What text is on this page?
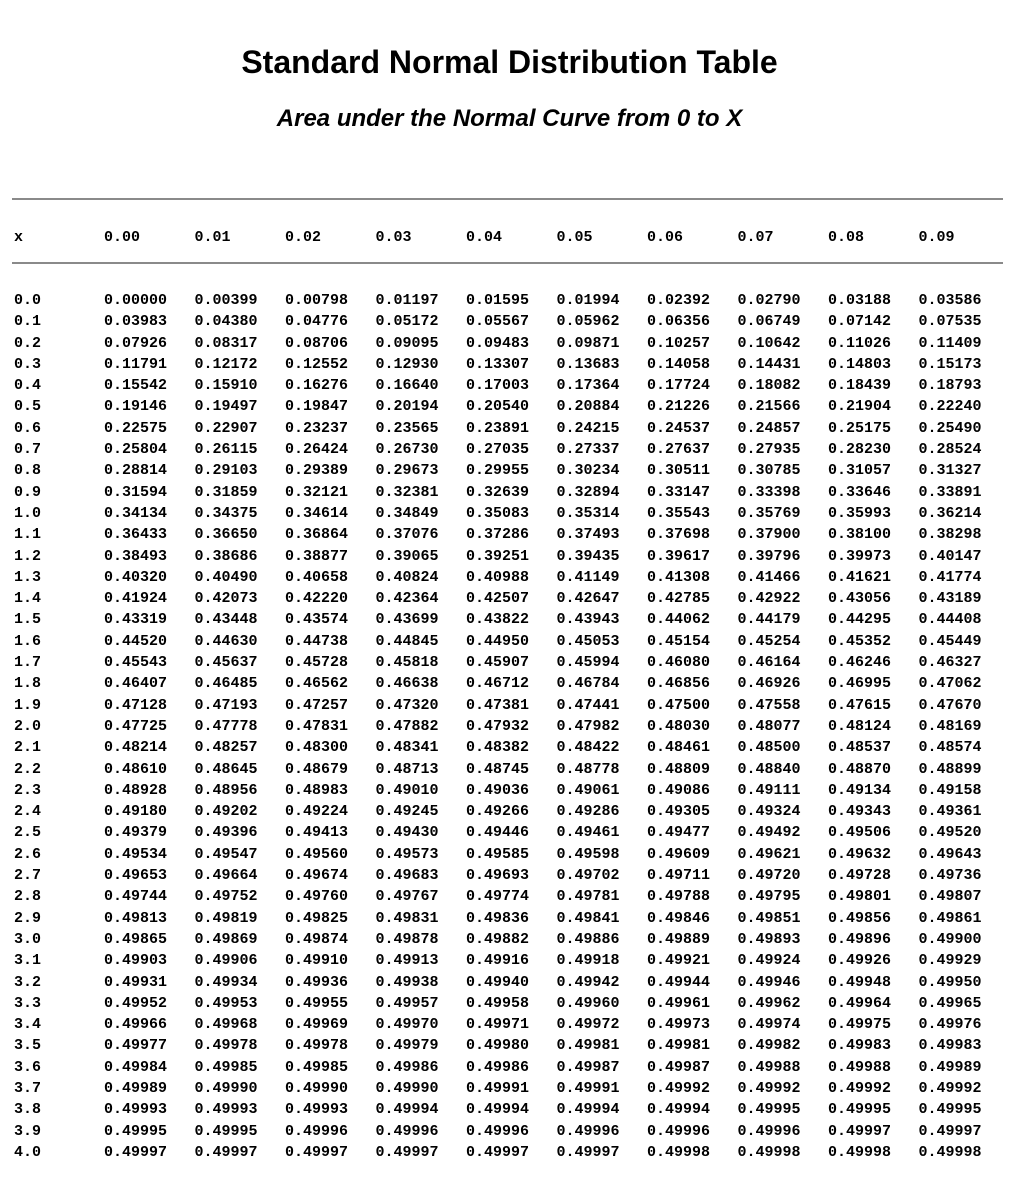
Standard Normal Distribution Table
Area under the Normal Curve from 0 to X
x	0.00	0.01	0.02	0.03	0.04	0.05	0.06	0.07	0.08	0.09
0.0	0.00000	0.00399	0.00798	0.01197	0.01595	0.01994	0.02392	0.02790	0.03188	0.03586
0.1	0.03983	0.04380	0.04776	0.05172	0.05567	0.05962	0.06356	0.06749	0.07142	0.07535
0.2	0.07926	0.08317	0.08706	0.09095	0.09483	0.09871	0.10257	0.10642	0.11026	0.11409
0.3	0.11791	0.12172	0.12552	0.12930	0.13307	0.13683	0.14058	0.14431	0.14803	0.15173
0.4	0.15542	0.15910	0.16276	0.16640	0.17003	0.17364	0.17724	0.18082	0.18439	0.18793
0.5	0.19146	0.19497	0.19847	0.20194	0.20540	0.20884	0.21226	0.21566	0.21904	0.22240
0.6	0.22575	0.22907	0.23237	0.23565	0.23891	0.24215	0.24537	0.24857	0.25175	0.25490
0.7	0.25804	0.26115	0.26424	0.26730	0.27035	0.27337	0.27637	0.27935	0.28230	0.28524
0.8	0.28814	0.29103	0.29389	0.29673	0.29955	0.30234	0.30511	0.30785	0.31057	0.31327
0.9	0.31594	0.31859	0.32121	0.32381	0.32639	0.32894	0.33147	0.33398	0.33646	0.33891
1.0	0.34134	0.34375	0.34614	0.34849	0.35083	0.35314	0.35543	0.35769	0.35993	0.36214
1.1	0.36433	0.36650	0.36864	0.37076	0.37286	0.37493	0.37698	0.37900	0.38100	0.38298
1.2	0.38493	0.38686	0.38877	0.39065	0.39251	0.39435	0.39617	0.39796	0.39973	0.40147
1.3	0.40320	0.40490	0.40658	0.40824	0.40988	0.41149	0.41308	0.41466	0.41621	0.41774
1.4	0.41924	0.42073	0.42220	0.42364	0.42507	0.42647	0.42785	0.42922	0.43056	0.43189
1.5	0.43319	0.43448	0.43574	0.43699	0.43822	0.43943	0.44062	0.44179	0.44295	0.44408
1.6	0.44520	0.44630	0.44738	0.44845	0.44950	0.45053	0.45154	0.45254	0.45352	0.45449
1.7	0.45543	0.45637	0.45728	0.45818	0.45907	0.45994	0.46080	0.46164	0.46246	0.46327
1.8	0.46407	0.46485	0.46562	0.46638	0.46712	0.46784	0.46856	0.46926	0.46995	0.47062
1.9	0.47128	0.47193	0.47257	0.47320	0.47381	0.47441	0.47500	0.47558	0.47615	0.47670
2.0	0.47725	0.47778	0.47831	0.47882	0.47932	0.47982	0.48030	0.48077	0.48124	0.48169
2.1	0.48214	0.48257	0.48300	0.48341	0.48382	0.48422	0.48461	0.48500	0.48537	0.48574
2.2	0.48610	0.48645	0.48679	0.48713	0.48745	0.48778	0.48809	0.48840	0.48870	0.48899
2.3	0.48928	0.48956	0.48983	0.49010	0.49036	0.49061	0.49086	0.49111	0.49134	0.49158
2.4	0.49180	0.49202	0.49224	0.49245	0.49266	0.49286	0.49305	0.49324	0.49343	0.49361
2.5	0.49379	0.49396	0.49413	0.49430	0.49446	0.49461	0.49477	0.49492	0.49506	0.49520
2.6	0.49534	0.49547	0.49560	0.49573	0.49585	0.49598	0.49609	0.49621	0.49632	0.49643
2.7	0.49653	0.49664	0.49674	0.49683	0.49693	0.49702	0.49711	0.49720	0.49728	0.49736
2.8	0.49744	0.49752	0.49760	0.49767	0.49774	0.49781	0.49788	0.49795	0.49801	0.49807
2.9	0.49813	0.49819	0.49825	0.49831	0.49836	0.49841	0.49846	0.49851	0.49856	0.49861
3.0	0.49865	0.49869	0.49874	0.49878	0.49882	0.49886	0.49889	0.49893	0.49896	0.49900
3.1	0.49903	0.49906	0.49910	0.49913	0.49916	0.49918	0.49921	0.49924	0.49926	0.49929
3.2	0.49931	0.49934	0.49936	0.49938	0.49940	0.49942	0.49944	0.49946	0.49948	0.49950
3.3	0.49952	0.49953	0.49955	0.49957	0.49958	0.49960	0.49961	0.49962	0.49964	0.49965
3.4	0.49966	0.49968	0.49969	0.49970	0.49971	0.49972	0.49973	0.49974	0.49975	0.49976
3.5	0.49977	0.49978	0.49978	0.49979	0.49980	0.49981	0.49981	0.49982	0.49983	0.49983
3.6	0.49984	0.49985	0.49985	0.49986	0.49986	0.49987	0.49987	0.49988	0.49988	0.49989
3.7	0.49989	0.49990	0.49990	0.49990	0.49991	0.49991	0.49992	0.49992	0.49992	0.49992
3.8	0.49993	0.49993	0.49993	0.49994	0.49994	0.49994	0.49994	0.49995	0.49995	0.49995
3.9	0.49995	0.49995	0.49996	0.49996	0.49996	0.49996	0.49996	0.49996	0.49997	0.49997
4.0	0.49997	0.49997	0.49997	0.49997	0.49997	0.49997	0.49998	0.49998	0.49998	0.49998
